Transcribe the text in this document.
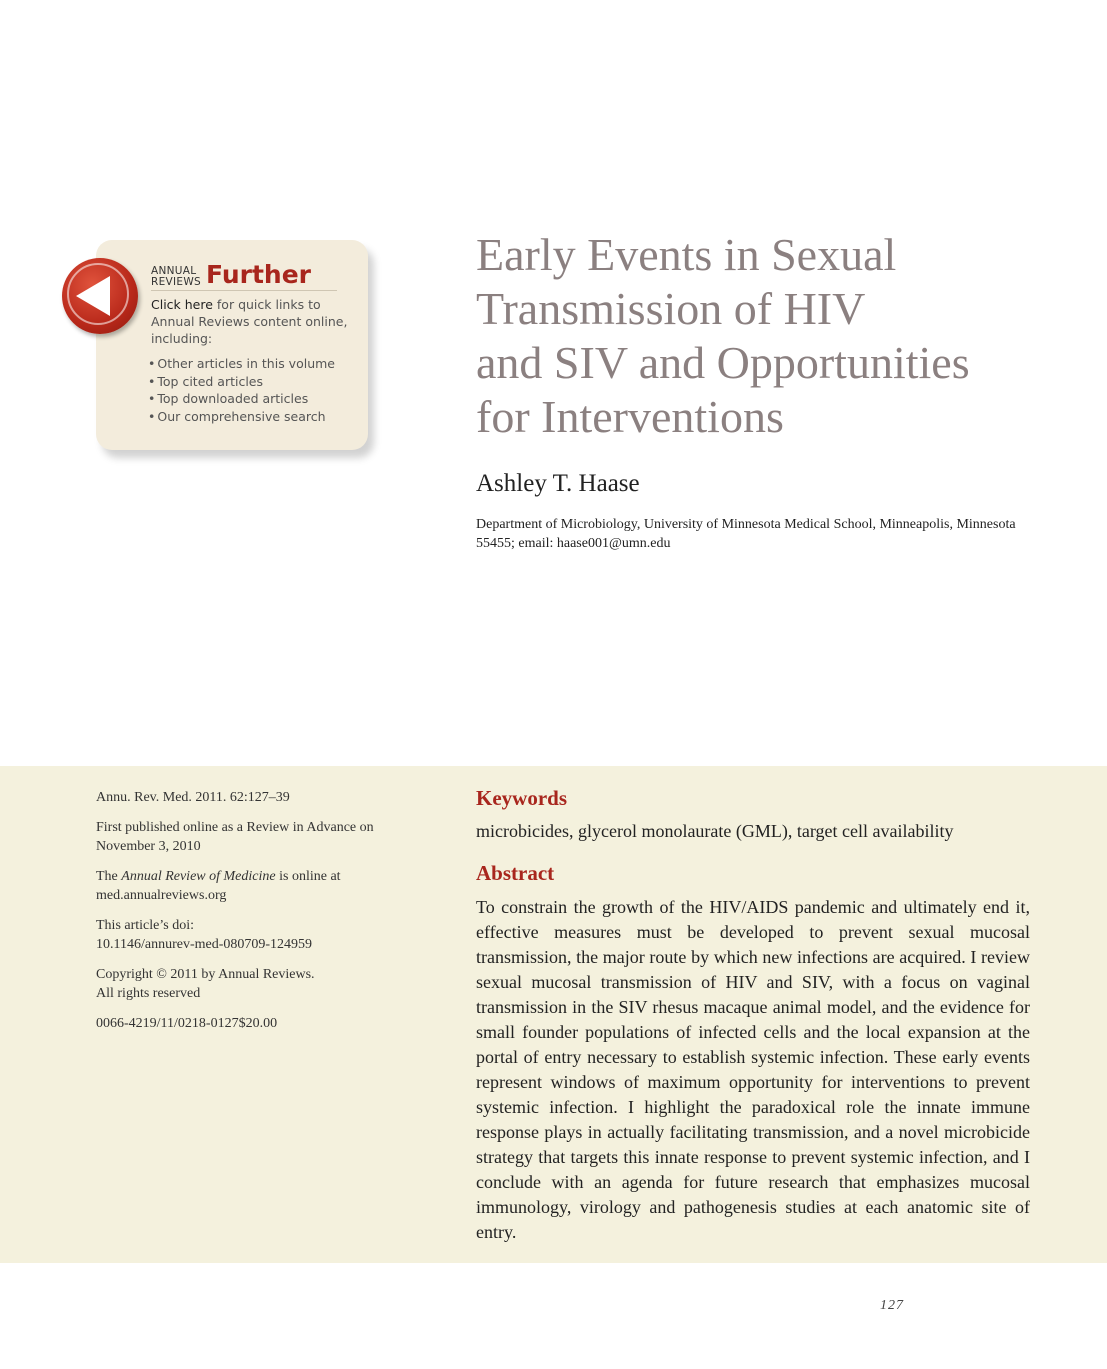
ANNUAL
REVIEWS Further
Click here for quick links to Annual Reviews content online, including:
• Other articles in this volume
• Top cited articles
• Top downloaded articles
• Our comprehensive search
Early Events in Sexual
Transmission of HIV
and SIV and Opportunities
for Interventions
Ashley T. Haase
Department of Microbiology, University of Minnesota Medical School, Minneapolis, Minnesota 55455; email: haase001@umn.edu

Annu. Rev. Med. 2011. 62:127–39

First published online as a Review in Advance on November 3, 2010

The Annual Review of Medicine is online at med.annualreviews.org

This article’s doi:
10.1146/annurev-med-080709-124959

Copyright © 2011 by Annual Reviews.
All rights reserved

0066-4219/11/0218-0127$20.00

Keywords
microbicides, glycerol monolaurate (GML), target cell availability
Abstract

To constrain the growth of the HIV/AIDS pandemic and ultimately end it, effective measures must be developed to prevent sexual mucosal transmission, the major route by which new infections are acquired. I review sexual mucosal transmission of HIV and SIV, with a focus on vaginal transmission in the SIV rhesus macaque animal model, and the evidence for small founder populations of infected cells and the local expansion at the portal of entry necessary to establish systemic infection. These early events represent windows of maximum opportunity for interventions to prevent systemic infection. I highlight the paradoxical role the innate immune response plays in actually facilitating transmission, and a novel microbicide strategy that targets this innate response to prevent systemic infection, and I conclude with an agenda for future research that emphasizes mucosal immunology, virology and pathogenesis studies at each anatomic site of entry.

127
